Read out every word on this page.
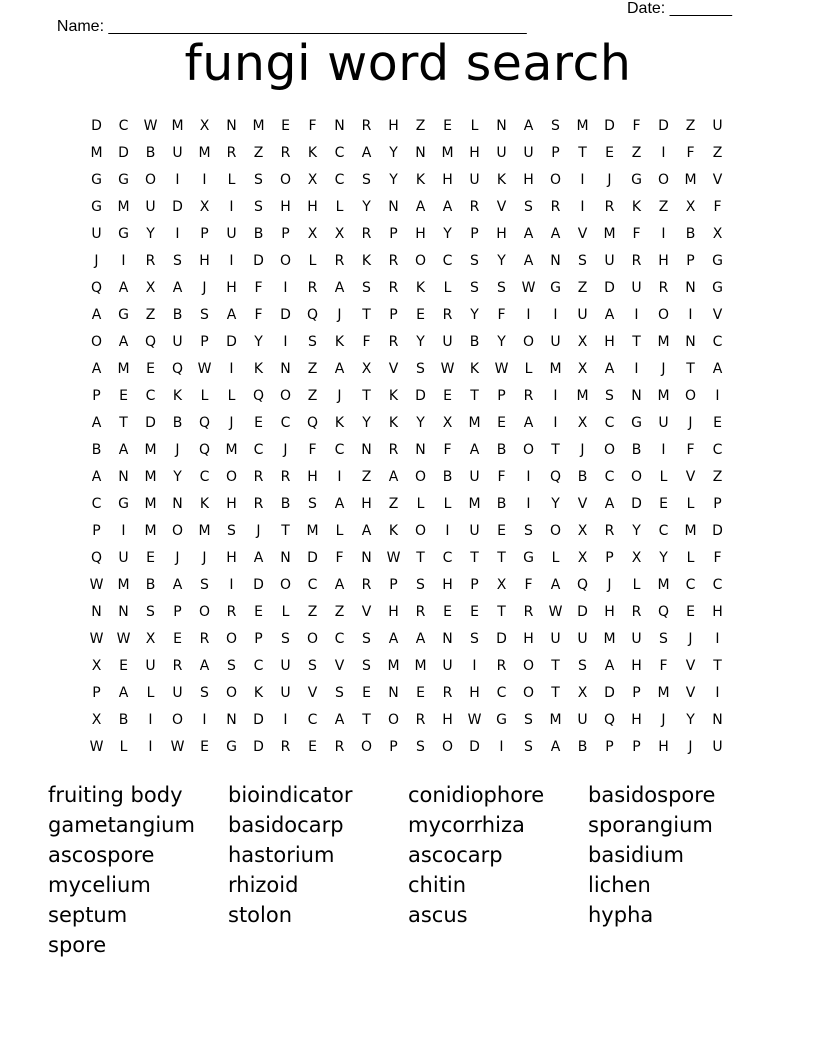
Name: _______________________________________________

Date: _______

fungi word search
D	C	W	M	X	N	M	E	F	N	R	H	Z	E	L	N	A	S	M	D	F	D	Z	U
M	D	B	U	M	R	Z	R	K	C	A	Y	N	M	H	U	U	P	T	E	Z	I	F	Z
G	G	O	I	I	L	S	O	X	C	S	Y	K	H	U	K	H	O	I	J	G	O	M	V
G	M	U	D	X	I	S	H	H	L	Y	N	A	A	R	V	S	R	I	R	K	Z	X	F
U	G	Y	I	P	U	B	P	X	X	R	P	H	Y	P	H	A	A	V	M	F	I	B	X
J	I	R	S	H	I	D	O	L	R	K	R	O	C	S	Y	A	N	S	U	R	H	P	G
Q	A	X	A	J	H	F	I	R	A	S	R	K	L	S	S	W	G	Z	D	U	R	N	G
A	G	Z	B	S	A	F	D	Q	J	T	P	E	R	Y	F	I	I	U	A	I	O	I	V
O	A	Q	U	P	D	Y	I	S	K	F	R	Y	U	B	Y	O	U	X	H	T	M	N	C
A	M	E	Q	W	I	K	N	Z	A	X	V	S	W	K	W	L	M	X	A	I	J	T	A
P	E	C	K	L	L	Q	O	Z	J	T	K	D	E	T	P	R	I	M	S	N	M	O	I
A	T	D	B	Q	J	E	C	Q	K	Y	K	Y	X	M	E	A	I	X	C	G	U	J	E
B	A	M	J	Q	M	C	J	F	C	N	R	N	F	A	B	O	T	J	O	B	I	F	C
A	N	M	Y	C	O	R	R	H	I	Z	A	O	B	U	F	I	Q	B	C	O	L	V	Z
C	G	M	N	K	H	R	B	S	A	H	Z	L	L	M	B	I	Y	V	A	D	E	L	P
P	I	M	O	M	S	J	T	M	L	A	K	O	I	U	E	S	O	X	R	Y	C	M	D
Q	U	E	J	J	H	A	N	D	F	N	W	T	C	T	T	G	L	X	P	X	Y	L	F
W	M	B	A	S	I	D	O	C	A	R	P	S	H	P	X	F	A	Q	J	L	M	C	C
N	N	S	P	O	R	E	L	Z	Z	V	H	R	E	E	T	R	W	D	H	R	Q	E	H
W W	X	E	R	O	P	S	O	C	S	A	A	N	S	D	H	U	U	M	U	S	J	I
X	E	U	R	A	S	C	U	S	V	S	M	M	U	I	R	O	T	S	A	H	F	V	T
P	A	L	U	S	O	K	U	V	S	E	N	E	R	H	C	O	T	X	D	P	M	V	I
X	B	I	O	I	N	D	I	C	A	T	O	R	H	W	G	S	M	U	Q	H	J	Y	N
W	L	I	W	E	G	D	R	E	R	O	P	S	O	D	I	S	A	B	P	P	H	J	U
fruiting body	bioindicator	conidiophore	basidospore
gametangium	basidocarp	mycorrhiza	sporangium
ascospore	hastorium	ascocarp	basidium
mycelium	rhizoid	chitin	lichen
septum	stolon	ascus	hypha
spore
